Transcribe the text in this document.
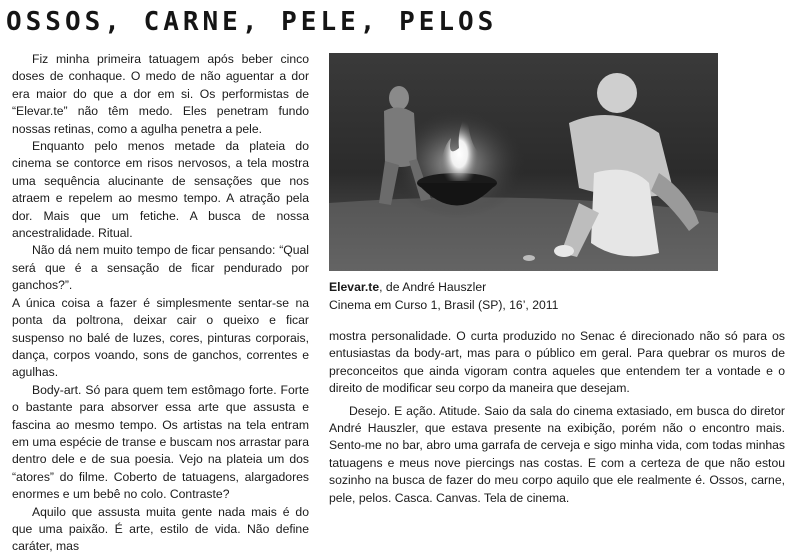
OSSOS, CARNE, PELE, PELOS

Fiz minha primeira tatuagem após beber cinco doses de conhaque. O medo de não aguentar a dor era maior do que a dor em si. Os performistas de “Elevar.te” não têm medo. Eles penetram fundo nossas retinas, como a agulha penetra a pele.

Enquanto pelo menos metade da plateia do cinema se contorce em risos nervosos, a tela mostra uma sequência alucinante de sensações que nos atraem e repelem ao mesmo tempo. A atração pela dor. Mais que um fetiche. A busca de nossa ancestralidade. Ritual.

Não dá nem muito tempo de ficar pensando: “Qual será que é a sensação de ficar pendurado por ganchos?”.

A única coisa a fazer é simplesmente sentar-se na ponta da poltrona, deixar cair o queixo e ficar suspenso no balé de luzes, cores, pinturas corporais, dança, corpos voando, sons de ganchos, correntes e agulhas.

Body-art. Só para quem tem estômago forte. Forte o bastante para absorver essa arte que assusta e fascina ao mesmo tempo. Os artistas na tela entram em uma espécie de transe e buscam nos arrastar para dentro dele e de sua poesia. Vejo na plateia um dos “atores” do filme. Coberto de tatuagens, alargadores enormes e um bebê no colo. Contraste?

Aquilo que assusta muita gente nada mais é do que uma paixão. É arte, estilo de vida. Não define caráter, mas

Elevar.te, de André Hauszler
Cinema em Curso 1, Brasil (SP), 16’, 2011

mostra personalidade. O curta produzido no Senac é direcionado não só para os entusiastas da body-art, mas para o público em geral. Para quebrar os muros de preconceitos que ainda vigoram contra aqueles que entendem ter a vontade e o direito de modificar seu corpo da maneira que desejam.

Desejo. E ação. Atitude. Saio da sala do cinema extasiado, em busca do diretor André Hauszler, que estava presente na exibição, porém não o encontro mais. Sento-me no bar, abro uma garrafa de cerveja e sigo minha vida, com todas minhas tatuagens e meus nove piercings nas costas. E com a certeza de que não estou sozinho na busca de fazer do meu corpo aquilo que ele realmente é. Ossos, carne, pele, pelos. Casca. Canvas. Tela de cinema.
